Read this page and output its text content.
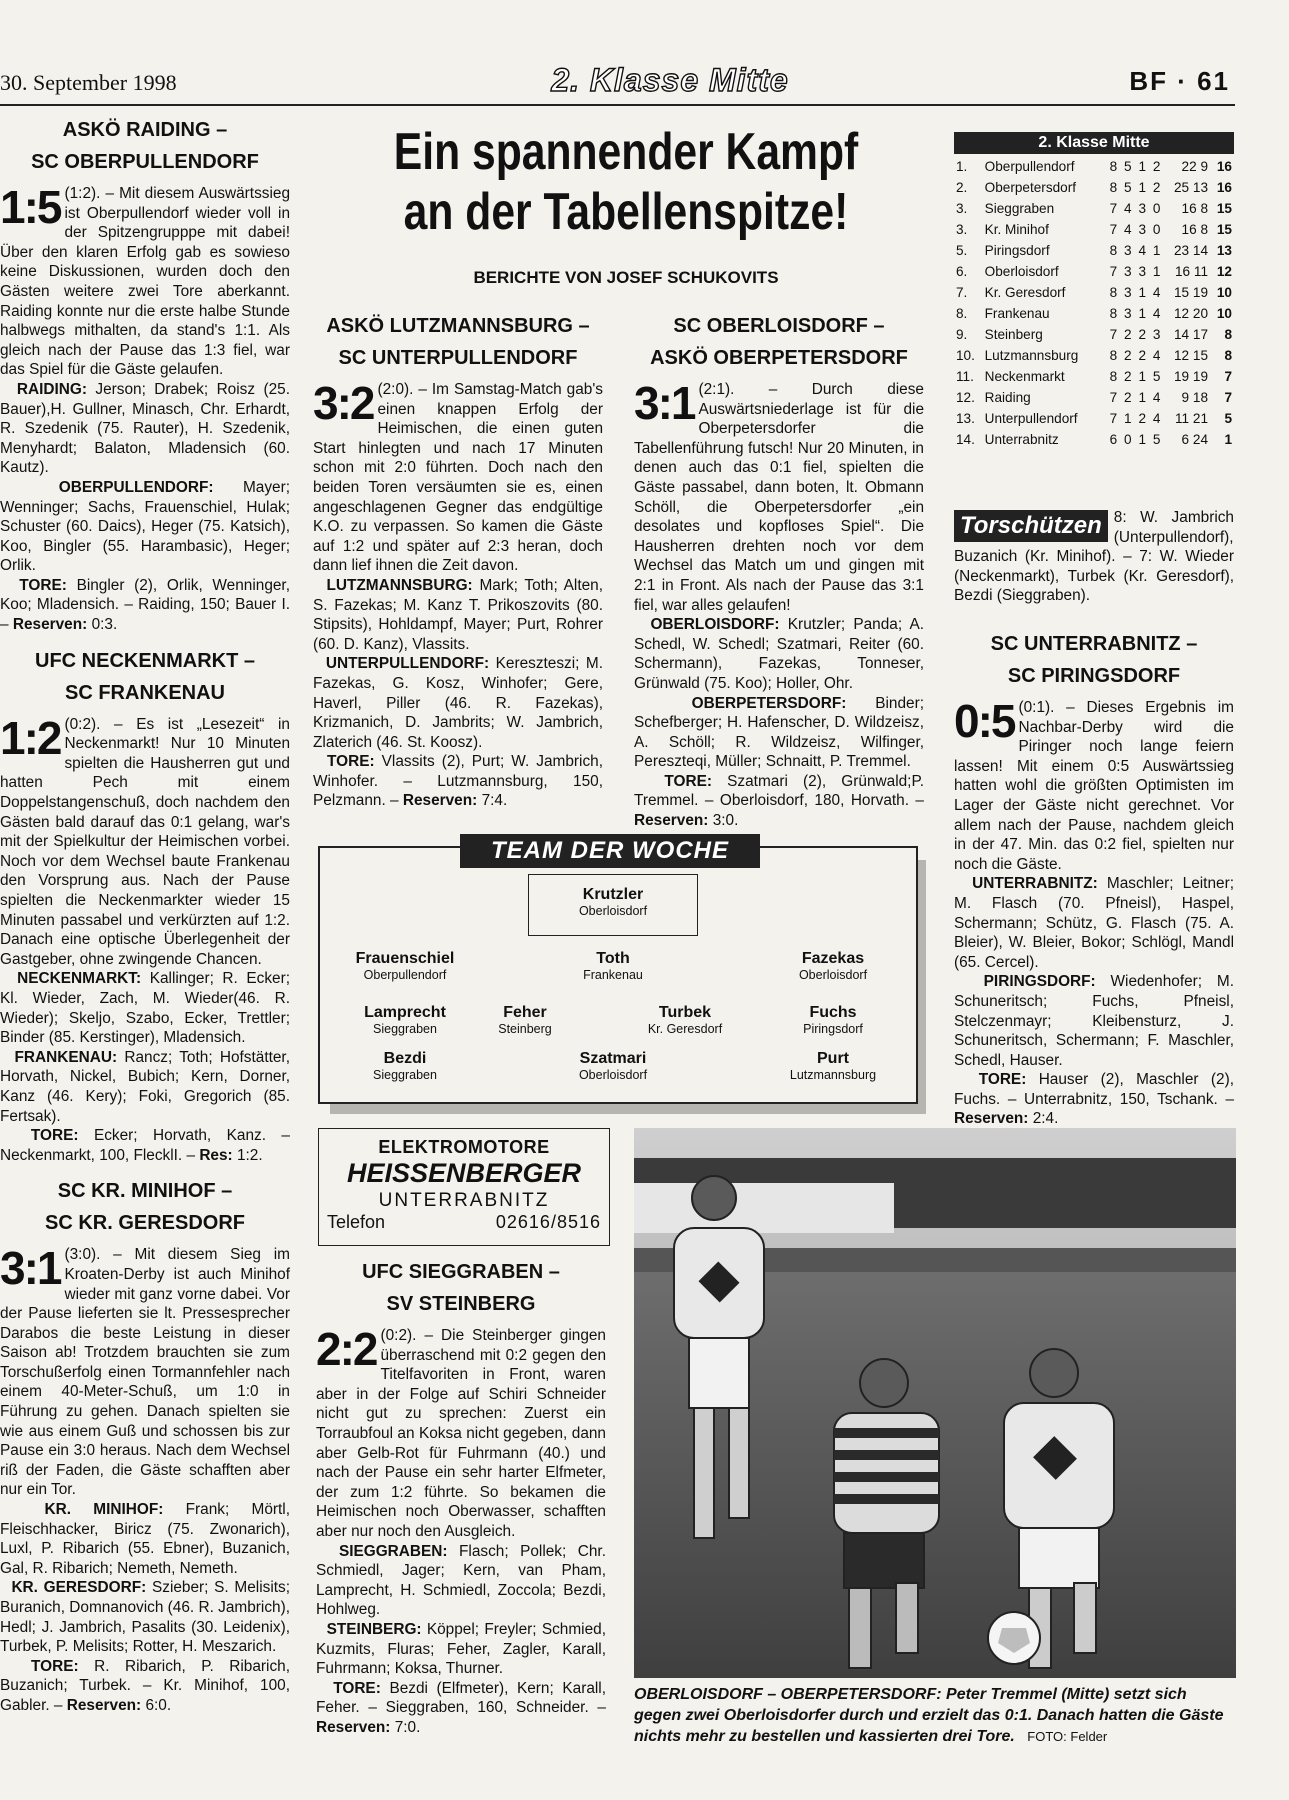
30. September 1998	2. Klasse Mitte	BF · 61
ASKÖ RAIDING –
SC OBERPULLENDORF
1:5 (1:2). – Mit diesem Auswärtssieg ist Oberpullendorf wieder voll in der Spitzengrupppe mit dabei! Über den klaren Erfolg gab es sowieso keine Diskussionen, wurden doch den Gästen weitere zwei Tore aberkannt. Raiding konnte nur die erste halbe Stunde halbwegs mithalten, da stand's 1:1. Als gleich nach der Pause das 1:3 fiel, war das Spiel für die Gäste gelaufen.
RAIDING: Jerson; Drabek; Roisz (25. Bauer),H. Gullner, Minasch, Chr. Erhardt, R. Szedenik (75. Rauter), H. Szedenik, Menyhardt; Balaton, Mladensich (60. Kautz).
OBERPULLENDORF: Mayer; Wenninger; Sachs, Frauenschiel, Hulak; Schuster (60. Daics), Heger (75. Katsich), Koo, Bingler (55. Harambasic), Heger; Orlik.
TORE: Bingler (2), Orlik, Wenninger, Koo; Mladensich. – Raiding, 150; Bauer I. – Reserven: 0:3.
UFC NECKENMARKT –
SC FRANKENAU
1:2 (0:2). – Es ist „Lesezeit“ in Neckenmarkt! Nur 10 Minuten spielten die Hausherren gut und hatten Pech mit einem Doppelstangenschuß, doch nachdem den Gästen bald darauf das 0:1 gelang, war's mit der Spielkultur der Heimischen vorbei. Noch vor dem Wechsel baute Frankenau den Vorsprung aus. Nach der Pause spielten die Neckenmarkter wieder 15 Minuten passabel und verkürzten auf 1:2. Danach eine optische Überlegenheit der Gastgeber, ohne zwingende Chancen.
NECKENMARKT: Kallinger; R. Ecker; Kl. Wieder, Zach, M. Wieder(46. R. Wieder); Skeljo, Szabo, Ecker, Trettler; Binder (85. Kerstinger), Mladensich.
FRANKENAU: Rancz; Toth; Hofstätter, Horvath, Nickel, Bubich; Kern, Dorner, Kanz (46. Kery); Foki, Gregorich (85. Fertsak).
TORE: Ecker; Horvath, Kanz. – Neckenmarkt, 100, FlecklI. – Res: 1:2.
SC KR. MINIHOF –
SC KR. GERESDORF
3:1 (3:0). – Mit diesem Sieg im Kroaten-Derby ist auch Minihof wieder mit ganz vorne dabei. Vor der Pause lieferten sie lt. Pressesprecher Darabos die beste Leistung in dieser Saison ab! Trotzdem brauchten sie zum Torschußerfolg einen Tormannfehler nach einem 40-Meter-Schuß, um 1:0 in Führung zu gehen. Danach spielten sie wie aus einem Guß und schossen bis zur Pause ein 3:0 heraus. Nach dem Wechsel riß der Faden, die Gäste schafften aber nur ein Tor.
KR. MINIHOF: Frank; Mörtl, Fleischhacker, Biricz (75. Zwonarich), Luxl, P. Ribarich (55. Ebner), Buzanich, Gal, R. Ribarich; Nemeth, Nemeth.
KR. GERESDORF: Szieber; S. Melisits; Buranich, Domnanovich (46. R. Jambrich), Hedl; J. Jambrich, Pasalits (30. Leidenix), Turbek, P. Melisits; Rotter, H. Meszarich.
TORE: R. Ribarich, P. Ribarich, Buzanich; Turbek. – Kr. Minihof, 100, Gabler. – Reserven: 6:0.
Ein spannender Kampf
an der Tabellenspitze!
BERICHTE VON JOSEF SCHUKOVITS
ASKÖ LUTZMANNSBURG –
SC UNTERPULLENDORF
3:2 (2:0). – Im Samstag-Match gab's einen knappen Erfolg der Heimischen, die einen guten Start hinlegten und nach 17 Minuten schon mit 2:0 führten. Doch nach den beiden Toren versäumten sie es, einen angeschlagenen Gegner das endgültige K.O. zu verpassen. So kamen die Gäste auf 1:2 und später auf 2:3 heran, doch dann lief ihnen die Zeit davon.
LUTZMANNSBURG: Mark; Toth; Alten, S. Fazekas; M. Kanz T. Prikoszovits (80. Stipsits), Hohldampf, Mayer; Purt, Rohrer (60. D. Kanz), Vlassits.
UNTERPULLENDORF: Kereszteszi; M. Fazekas, G. Kosz, Winhofer; Gere, Haverl, Piller (46. R. Fazekas), Krizmanich, D. Jambrits; W. Jambrich, Zlaterich (46. St. Koosz).
TORE: Vlassits (2), Purt; W. Jambrich, Winhofer. – Lutzmannsburg, 150, Pelzmann. – Reserven: 7:4.
SC OBERLOISDORF –
ASKÖ OBERPETERSDORF
3:1 (2:1). – Durch diese Auswärtsniederlage ist für die Oberpetersdorfer die Tabellenführung futsch! Nur 20 Minuten, in denen auch das 0:1 fiel, spielten die Gäste passabel, dann boten, lt. Obmann Schöll, die Oberpetersdorfer „ein desolates und kopfloses Spiel“. Die Hausherren drehten noch vor dem Wechsel das Match um und gingen mit 2:1 in Front. Als nach der Pause das 3:1 fiel, war alles gelaufen!
OBERLOISDORF: Krutzler; Panda; A. Schedl, W. Schedl; Szatmari, Reiter (60. Schermann), Fazekas, Tonneser, Grünwald (75. Koo); Holler, Ohr.
OBERPETERSDORF: Binder; Schefberger; H. Hafenscher, D. Wildzeisz, A. Schöll; R. Wildzeisz, Wilfinger, Pereszteqi, Müller; Schnaitt, P. Tremmel.
TORE: Szatmari (2), Grünwald;P. Tremmel. – Oberloisdorf, 180, Horvath. – Reserven: 3:0.
2. Klasse Mitte
1.	Oberpullendorf	8	5	1	2	22 9	16
2.	Oberpetersdorf	8	5	1	2	25 13	16
3.	Sieggraben	7	4	3	0	16 8	15
3.	Kr. Minihof	7	4	3	0	16 8	15
5.	Piringsdorf	8	3	4	1	23 14	13
6.	Oberloisdorf	7	3	3	1	16 11	12
7.	Kr. Geresdorf	8	3	1	4	15 19	10
8.	Frankenau	8	3	1	4	12 20	10
9.	Steinberg	7	2	2	3	14 17	8
10.	Lutzmannsburg	8	2	2	4	12 15	8
11.	Neckenmarkt	8	2	1	5	19 19	7
12.	Raiding	7	2	1	4	9 18	7
13.	Unterpullendorf	7	1	2	4	11 21	5
14.	Unterrabnitz	6	0	1	5	6 24	1
Torschützen 8: W. Jambrich (Unterpullendorf), Buzanich (Kr. Minihof). – 7: W. Wieder (Neckenmarkt), Turbek (Kr. Geresdorf), Bezdi (Sieggraben).
SC UNTERRABNITZ –
SC PIRINGSDORF
0:5 (0:1). – Dieses Ergebnis im Nachbar-Derby wird die Piringer noch lange feiern lassen! Mit einem 0:5 Auswärtssieg hatten wohl die größten Optimisten im Lager der Gäste nicht gerechnet. Vor allem nach der Pause, nachdem gleich in der 47. Min. das 0:2 fiel, spielten nur noch die Gäste.
UNTERRABNITZ: Maschler; Leitner; M. Flasch (70. Pfneisl), Haspel, Schermann; Schütz, G. Flasch (75. A. Bleier), W. Bleier, Bokor; Schlögl, Mandl (65. Cercel).
PIRINGSDORF: Wiedenhofer; M. Schuneritsch; Fuchs, Pfneisl, Stelczenmayr; Kleibensturz, J. Schuneritsch, Schermann; F. Maschler, Schedl, Hauser.
TORE: Hauser (2), Maschler (2), Fuchs. – Unterrabnitz, 150, Tschank. – Reserven: 2:4.
TEAM DER WOCHE
Krutzler
Oberloisdorf
Frauenschiel
Oberpullendorf
Toth
Frankenau
Fazekas
Oberloisdorf
Lamprecht
Sieggraben
Feher
Steinberg
Turbek
Kr. Geresdorf
Fuchs
Piringsdorf
Bezdi
Sieggraben
Szatmari
Oberloisdorf
Purt
Lutzmannsburg
ELEKTROMOTORE
HEISSENBERGER
UNTERRABNITZ
Telefon	02616/8516
UFC SIEGGRABEN –
SV STEINBERG
2:2 (0:2). – Die Steinberger gingen überraschend mit 0:2 gegen den Titelfavoriten in Front, waren aber in der Folge auf Schiri Schneider nicht gut zu sprechen: Zuerst ein Torraubfoul an Koksa nicht gegeben, dann aber Gelb-Rot für Fuhrmann (40.) und nach der Pause ein sehr harter Elfmeter, der zum 1:2 führte. So bekamen die Heimischen noch Oberwasser, schafften aber nur noch den Ausgleich.
SIEGGRABEN: Flasch; Pollek; Chr. Schmiedl, Jager; Kern, van Pham, Lamprecht, H. Schmiedl, Zoccola; Bezdi, Hohlweg.
STEINBERG: Köppel; Freyler; Schmied, Kuzmits, Fluras; Feher, Zagler, Karall, Fuhrmann; Koksa, Thurner.
TORE: Bezdi (Elfmeter), Kern; Karall, Feher. – Sieggraben, 160, Schneider. – Reserven: 7:0.
OBERLOISDORF – OBERPETERSDORF: Peter Tremmel (Mitte) setzt sich gegen zwei Oberloisdorfer durch und erzielt das 0:1. Danach hatten die Gäste nichts mehr zu bestellen und kassierten drei Tore. FOTO: Felder
